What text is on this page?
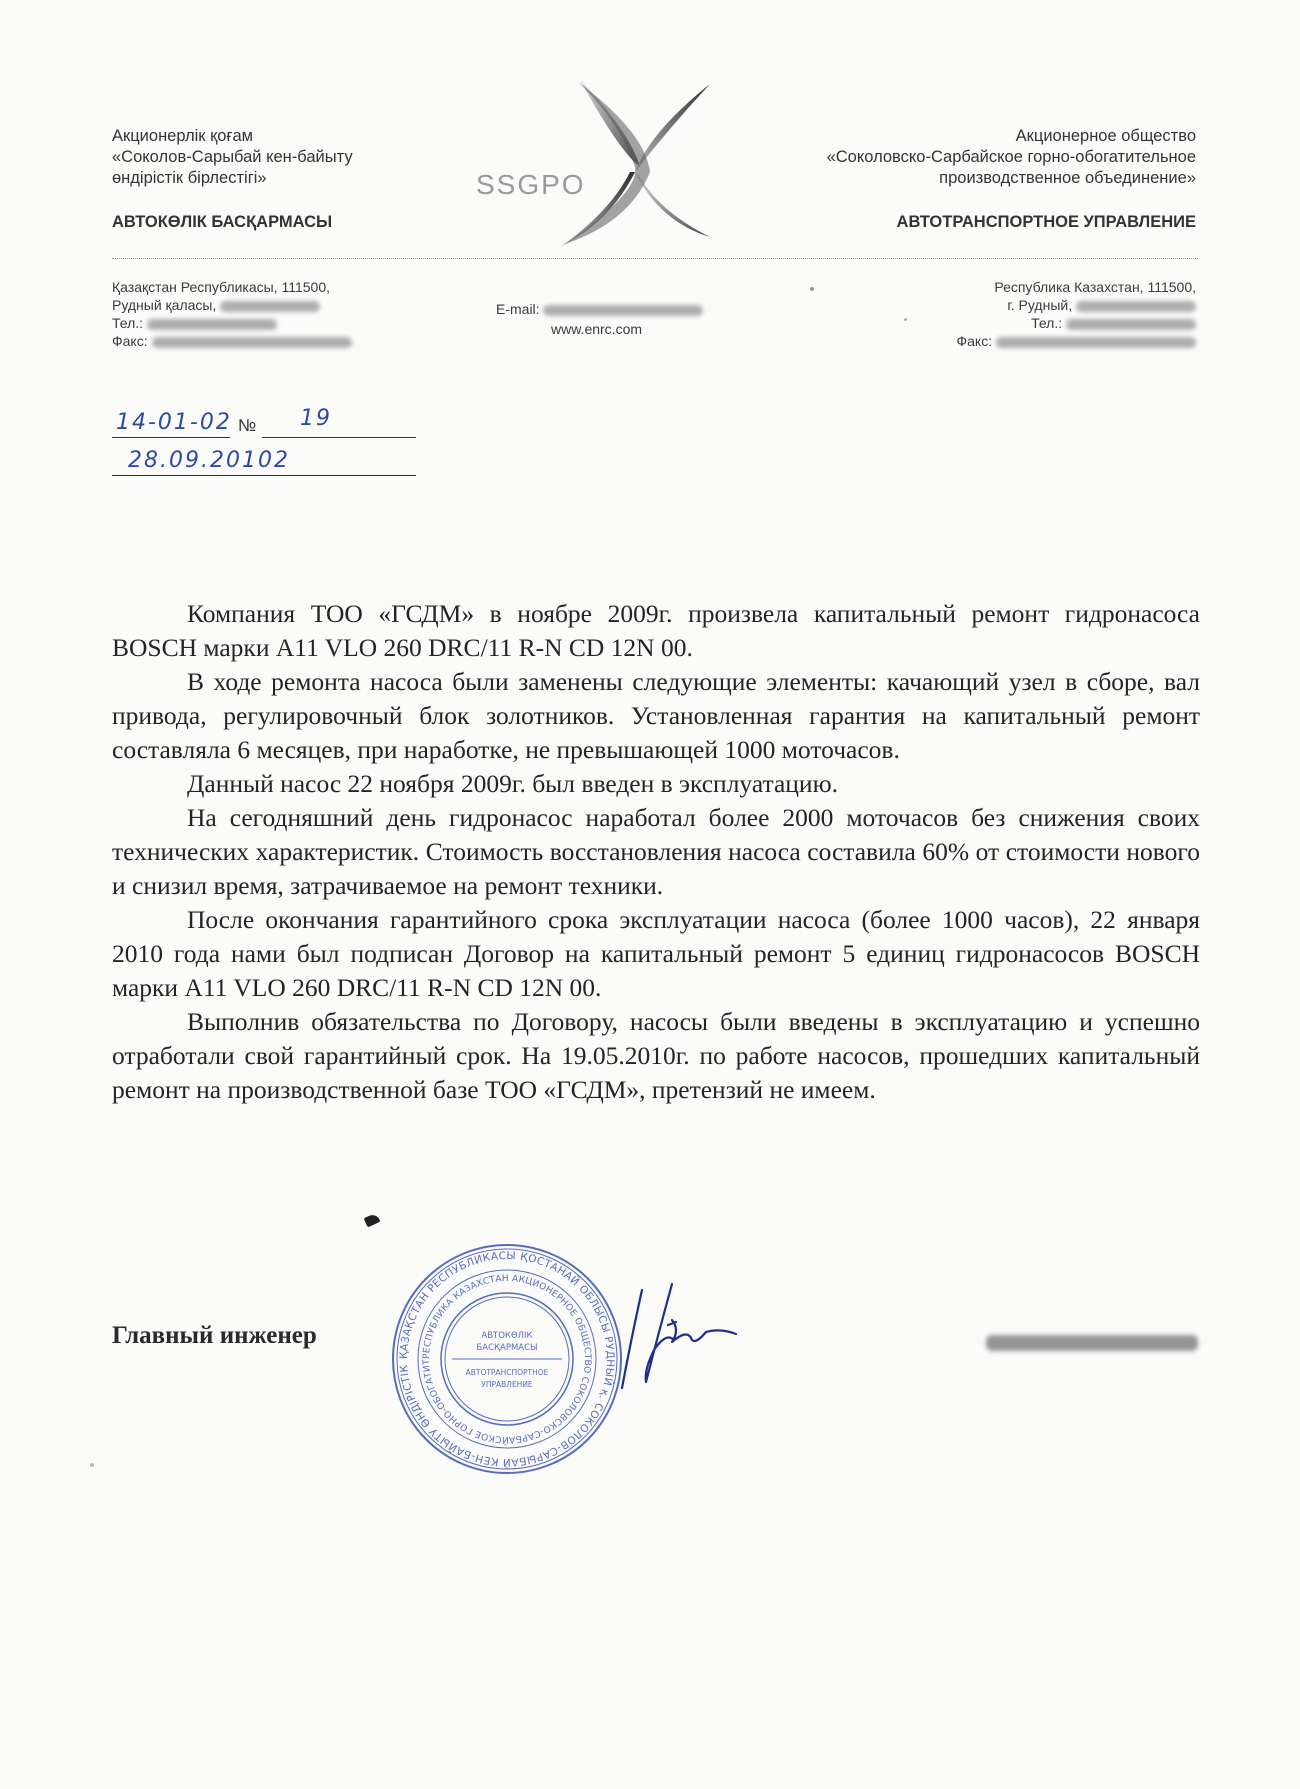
Акционерлік қоғам
«Соколов-Сарыбай кен-байыту
өндірістік бірлестігі»
АВТОКӨЛІК БАСҚАРМАСЫ
SSGPO
Акционерное общество
«Соколовско-Сарбайское горно-обогатительное
производственное объединение»
АВТОТРАНСПОРТНОЕ УПРАВЛЕНИЕ
Қазақстан Республикасы, 111500,
Рудный қаласы,
Тел.:
Факс:
E-mail:
www.enrc.com
Республика Казахстан, 111500,
г. Рудный,
Тел.:
Факс:
14-01-02 № 19
28.09.20102

Компания ТОО «ГСДМ» в ноябре 2009г. произвела капитальный ремонт гидронасоса BOSCH марки A11 VLO 260 DRC/11 R-N CD 12N 00.

В ходе ремонта насоса были заменены следующие элементы: качающий узел в сборе, вал привода, регулировочный блок золотников. Установленная гарантия на капитальный ремонт составляла 6 месяцев, при наработке, не превышающей 1000 моточасов.

Данный насос 22 ноября 2009г. был введен в эксплуатацию.

На сегодняшний день гидронасос наработал более 2000 моточасов без снижения своих технических характеристик. Стоимость восстановления насоса составила 60% от стоимости нового и снизил время, затрачиваемое на ремонт техники.

После окончания гарантийного срока эксплуатации насоса (более 1000 часов), 22 января 2010 года нами был подписан Договор на капитальный ремонт 5 единиц гидронасосов BOSCH марки A11 VLO 260 DRC/11 R-N CD 12N 00.

Выполнив обязательства по Договору, насосы были введены в эксплуатацию и успешно отработали свой гарантийный срок. На 19.05.2010г. по работе насосов, прошедших капитальный ремонт на производственной базе ТОО «ГСДМ», претензий не имеем.

ҚАЗАҚСТАН РЕСПУБЛИКАСЫ ҚОСТАНАЙ ОБЛЫСЫ РУДНЫЙ қ. СОКОЛОВ-САРЫБАЙ КЕН-БАЙЫТУ ӨНДІРІСТІК
РЕСПУБЛИКА КАЗАХСТАН АКЦИОНЕРНОЕ ОБЩЕСТВО СОКОЛОВСКО-САРБАЙСКОЕ ГОРНО-ОБОГАТИТ
АВТОКӨЛІК
БАСҚАРМАСЫ
АВТОТРАНСПОРТНОЕ
УПРАВЛЕНИЕ
Главный инженер
